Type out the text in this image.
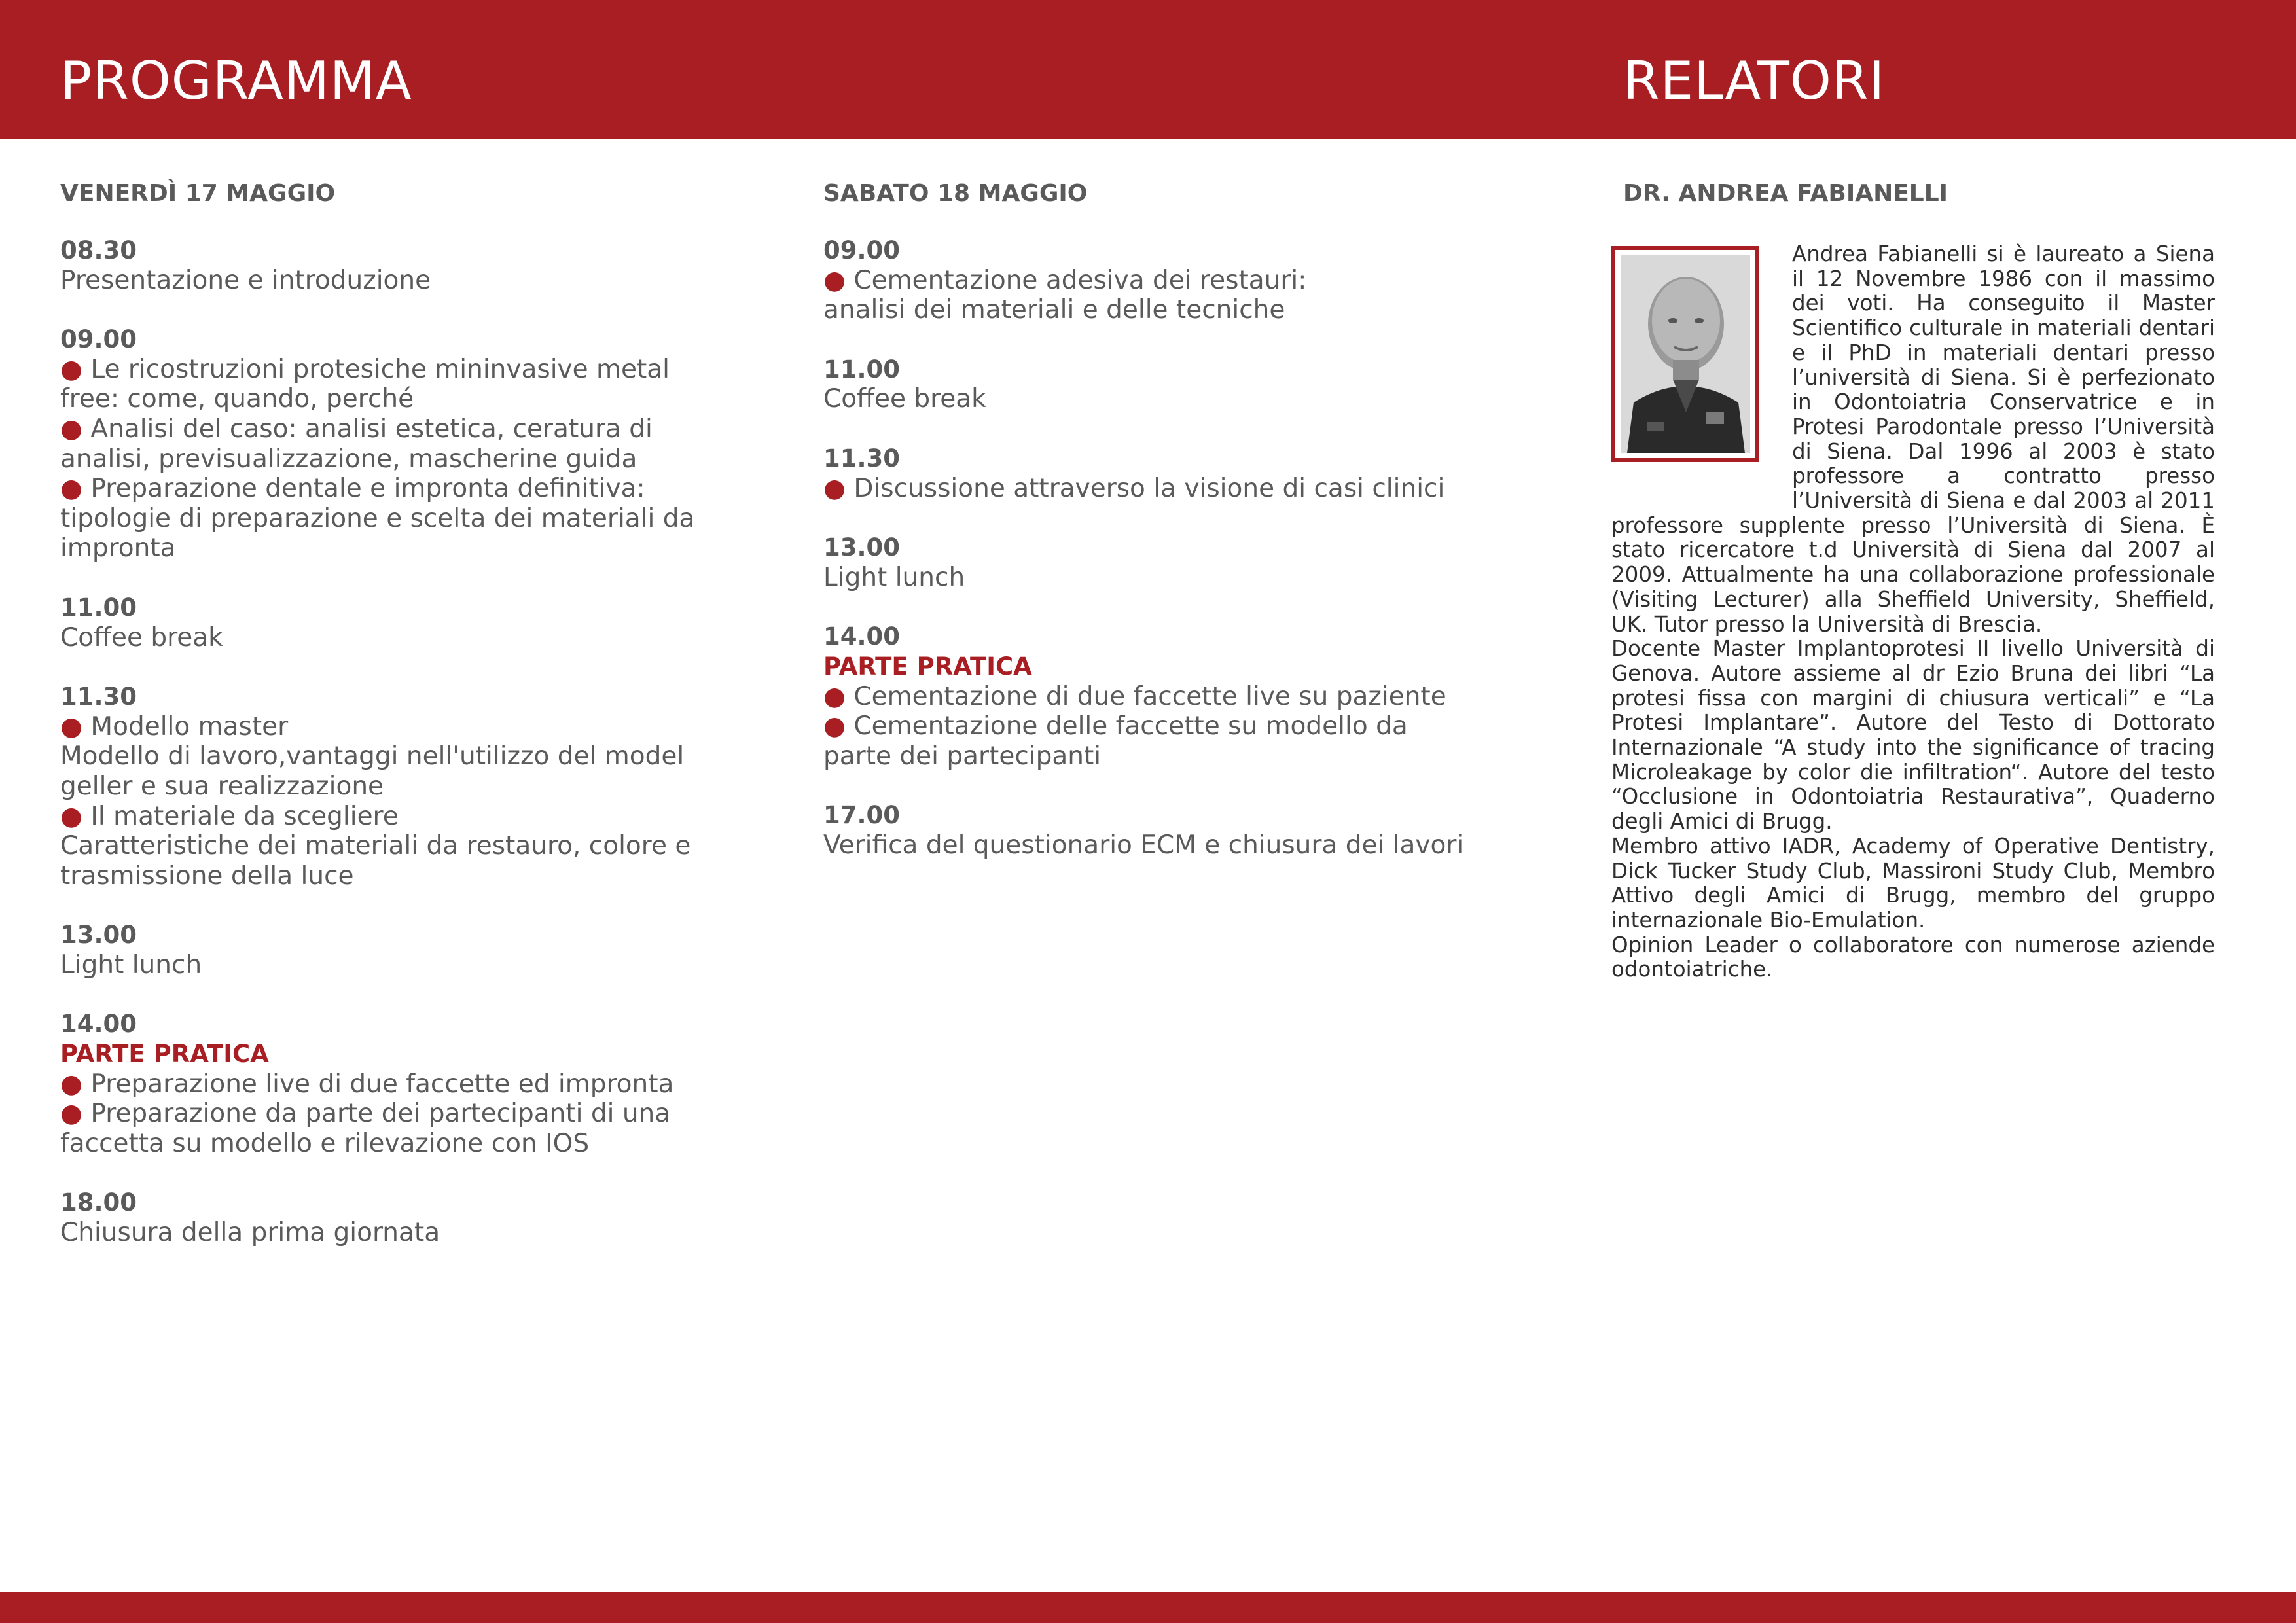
PROGRAMMA	RELATORI
VENERDÌ 17 MAGGIO
08.30
Presentazione e introduzione
09.00
● Le ricostruzioni protesiche mininvasive metal
free: come, quando, perché
● Analisi del caso: analisi estetica, ceratura di
analisi, previsualizzazione, mascherine guida
● Preparazione dentale e impronta definitiva:
tipologie di preparazione e scelta dei materiali da
impronta
11.00
Coffee break
11.30
● Modello master
Modello di lavoro,vantaggi nell'utilizzo del model
geller e sua realizzazione
● Il materiale da scegliere
Caratteristiche dei materiali da restauro, colore e
trasmissione della luce
13.00
Light lunch
14.00
PARTE PRATICA
● Preparazione live di due faccette ed impronta
● Preparazione da parte dei partecipanti di una
faccetta su modello e rilevazione con IOS
18.00
Chiusura della prima giornata
SABATO 18 MAGGIO
09.00
● Cementazione adesiva dei restauri:
analisi dei materiali e delle tecniche
11.00
Coffee break
11.30
● Discussione attraverso la visione di casi clinici
13.00
Light lunch
14.00
PARTE PRATICA
● Cementazione di due faccette live su paziente
● Cementazione delle faccette su modello da
parte dei partecipanti
17.00
Verifica del questionario ECM e chiusura dei lavori
DR. ANDREA FABIANELLI

Andrea Fabianelli si è laureato a Siena il 12 Novembre 1986 con il massimo dei voti. Ha conseguito il Master Scientifico culturale in materiali dentari e il PhD in materiali dentari presso l’università di Siena. Si è perfezionato in Odontoiatria Conservatrice e in Protesi Parodontale presso l’Università di Siena. Dal 1996 al 2003 è stato professore a contratto presso l’Università di Siena e dal 2003 al 2011 professore supplente presso l’Università di Siena. È stato ricercatore t.d Università di Siena dal 2007 al 2009. Attualmente ha una collaborazione professionale (Visiting Lecturer) alla Sheffield University, Sheffield, UK. Tutor presso la Università di Brescia.

Docente Master Implantoprotesi II livello Università di Genova. Autore assieme al dr Ezio Bruna dei libri “La protesi fissa con margini di chiusura verticali” e “La Protesi Implantare”. Autore del Testo di Dottorato Internazionale “A study into the significance of tracing Microleakage by color die infiltration“. Autore del testo “Occlusione in Odontoiatria Restaurativa”, Quaderno degli Amici di Brugg.

Membro attivo IADR, Academy of Operative Dentistry, Dick Tucker Study Club, Massironi Study Club, Membro Attivo degli Amici di Brugg, membro del gruppo internazionale Bio-Emulation.

Opinion Leader o collaboratore con numerose aziende odontoiatriche.
